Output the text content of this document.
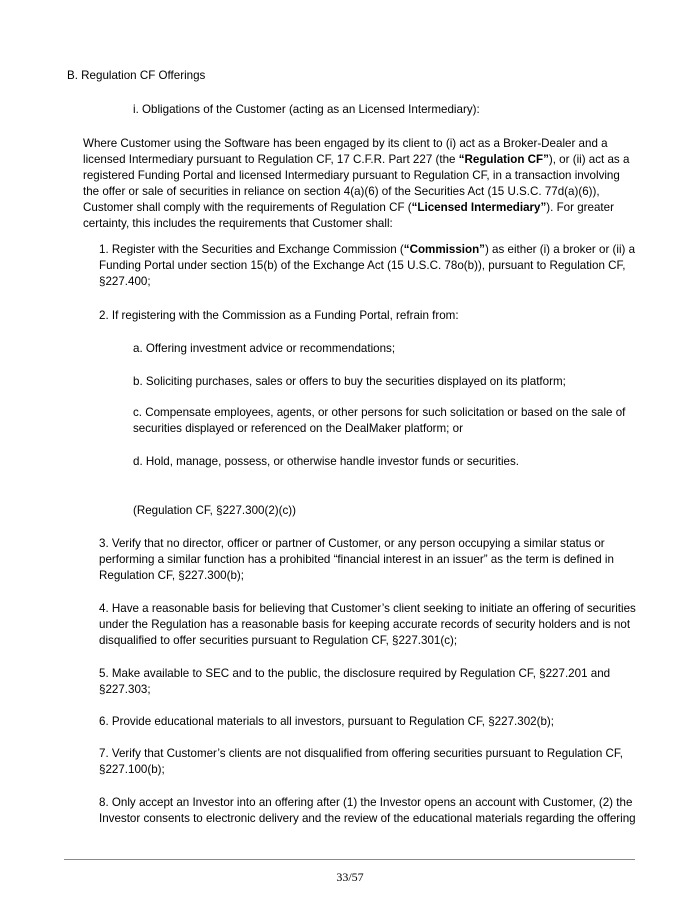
B. Regulation CF Offerings

i. Obligations of the Customer (acting as an Licensed Intermediary):

Where Customer using the Software has been engaged by its client to (i) act as a Broker-Dealer and a licensed Intermediary pursuant to Regulation CF, 17 C.F.R. Part 227 (the “Regulation CF”), or (ii) act as a registered Funding Portal and licensed Intermediary pursuant to Regulation CF, in a transaction involving the offer or sale of securities in reliance on section 4(a)(6) of the Securities Act (15 U.S.C. 77d(a)(6)), Customer shall comply with the requirements of Regulation CF (“Licensed Intermediary”). For greater certainty, this includes the requirements that Customer shall:

1. Register with the Securities and Exchange Commission (“Commission”) as either (i) a broker or (ii) a Funding Portal under section 15(b) of the Exchange Act (15 U.S.C. 78o(b)), pursuant to Regulation CF, §227.400;

2. If registering with the Commission as a Funding Portal, refrain from:

a. Offering investment advice or recommendations;

b. Soliciting purchases, sales or offers to buy the securities displayed on its platform;

c. Compensate employees, agents, or other persons for such solicitation or based on the sale of securities displayed or referenced on the DealMaker platform; or

d. Hold, manage, possess, or otherwise handle investor funds or securities.

(Regulation CF, §227.300(2)(c))

3. Verify that no director, officer or partner of Customer, or any person occupying a similar status or performing a similar function has a prohibited “financial interest in an issuer” as the term is defined in Regulation CF, §227.300(b);

4. Have a reasonable basis for believing that Customer’s client seeking to initiate an offering of securities under the Regulation has a reasonable basis for keeping accurate records of security holders and is not disqualified to offer securities pursuant to Regulation CF, §227.301(c);

5. Make available to SEC and to the public, the disclosure required by Regulation CF, §227.201 and §227.303;

6. Provide educational materials to all investors, pursuant to Regulation CF, §227.302(b);

7. Verify that Customer’s clients are not disqualified from offering securities pursuant to Regulation CF, §227.100(b);

8. Only accept an Investor into an offering after (1) the Investor opens an account with Customer, (2) the Investor consents to electronic delivery and the review of the educational materials regarding the offering

33/57
